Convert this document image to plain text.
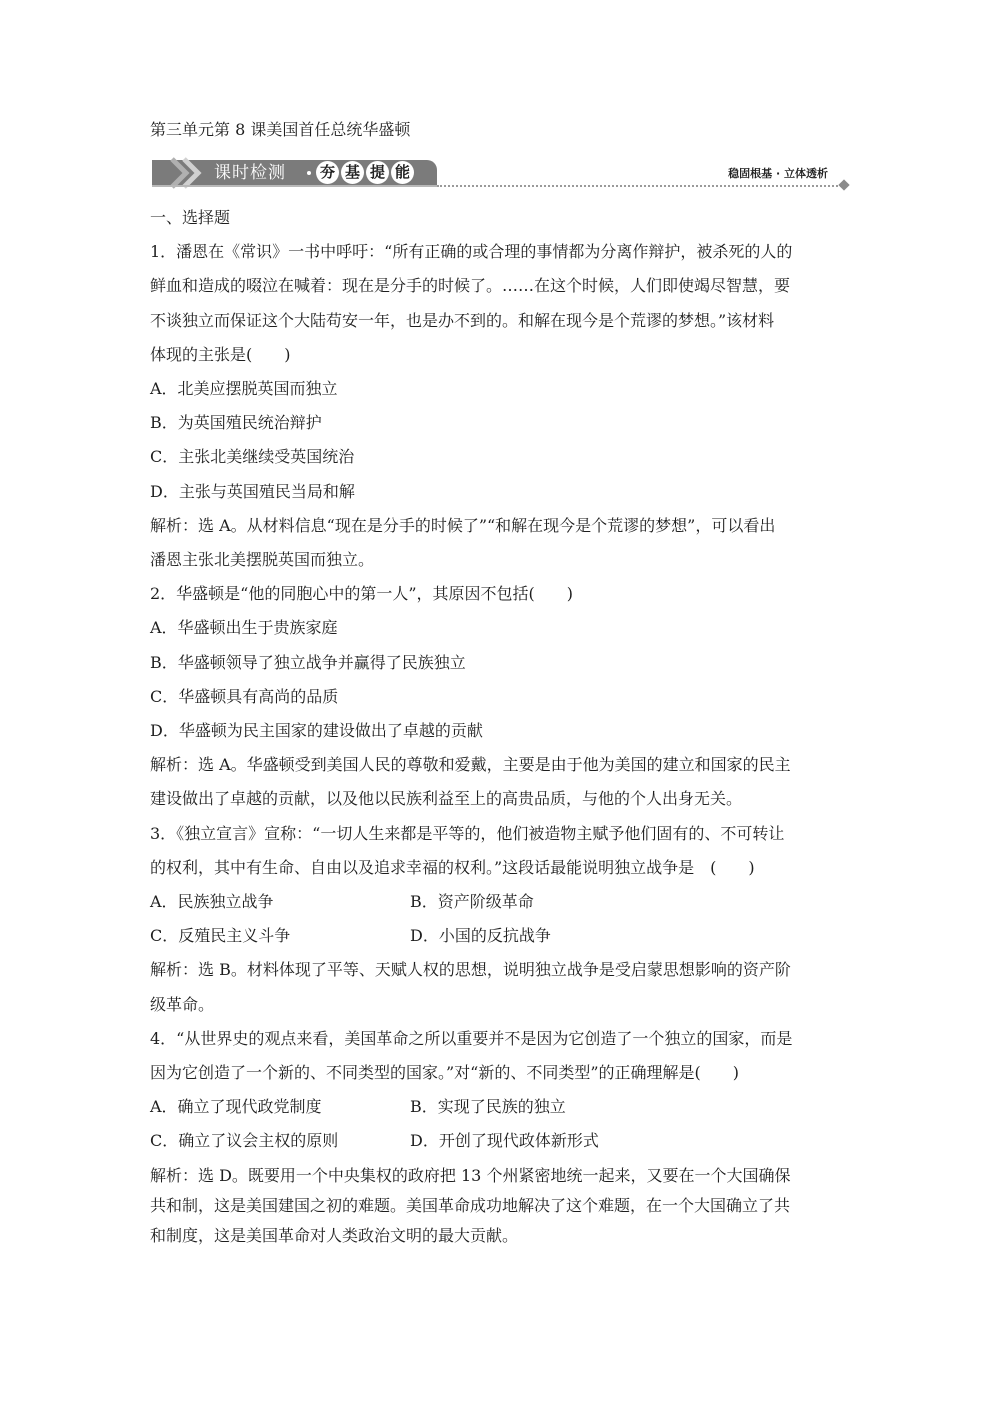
第三单元第 8 课美国首任总统华盛顿
课时检测 夯 基 提 能	稳固根基 · 立体透析
一、选择题
1．潘恩在《常识》一书中呼吁：“所有正确的或合理的事情都为分离作辩护，被杀死的人的
鲜血和造成的啜泣在喊着：现在是分手的时候了。……在这个时候，人们即使竭尽智慧，要
不谈独立而保证这个大陆苟安一年，也是办不到的。和解在现今是个荒谬的梦想。”该材料
体现的主张是(　　)
A．北美应摆脱英国而独立
B．为英国殖民统治辩护
C．主张北美继续受英国统治
D．主张与英国殖民当局和解
解析：选 A。从材料信息“现在是分手的时候了”“和解在现今是个荒谬的梦想”，可以看出
潘恩主张北美摆脱英国而独立。
2．华盛顿是“他的同胞心中的第一人”，其原因不包括(　　)
A．华盛顿出生于贵族家庭
B．华盛顿领导了独立战争并赢得了民族独立
C．华盛顿具有高尚的品质
D．华盛顿为民主国家的建设做出了卓越的贡献
解析：选 A。华盛顿受到美国人民的尊敬和爱戴，主要是由于他为美国的建立和国家的民主
建设做出了卓越的贡献，以及他以民族利益至上的高贵品质，与他的个人出身无关。
3．《独立宣言》宣称：“一切人生来都是平等的，他们被造物主赋予他们固有的、不可转让
的权利，其中有生命、自由以及追求幸福的权利。”这段话最能说明独立战争是　(　　)
A．民族独立战争	B．资产阶级革命
C．反殖民主义斗争	D．小国的反抗战争
解析：选 B。材料体现了平等、天赋人权的思想，说明独立战争是受启蒙思想影响的资产阶
级革命。
4．“从世界史的观点来看，美国革命之所以重要并不是因为它创造了一个独立的国家，而是
因为它创造了一个新的、不同类型的国家。”对“新的、不同类型”的正确理解是(　　)
A．确立了现代政党制度	B．实现了民族的独立
C．确立了议会主权的原则	D．开创了现代政体新形式
解析：选 D。既要用一个中央集权的政府把 13 个州紧密地统一起来，又要在一个大国确保
共和制，这是美国建国之初的难题。美国革命成功地解决了这个难题，在一个大国确立了共
和制度，这是美国革命对人类政治文明的最大贡献。
